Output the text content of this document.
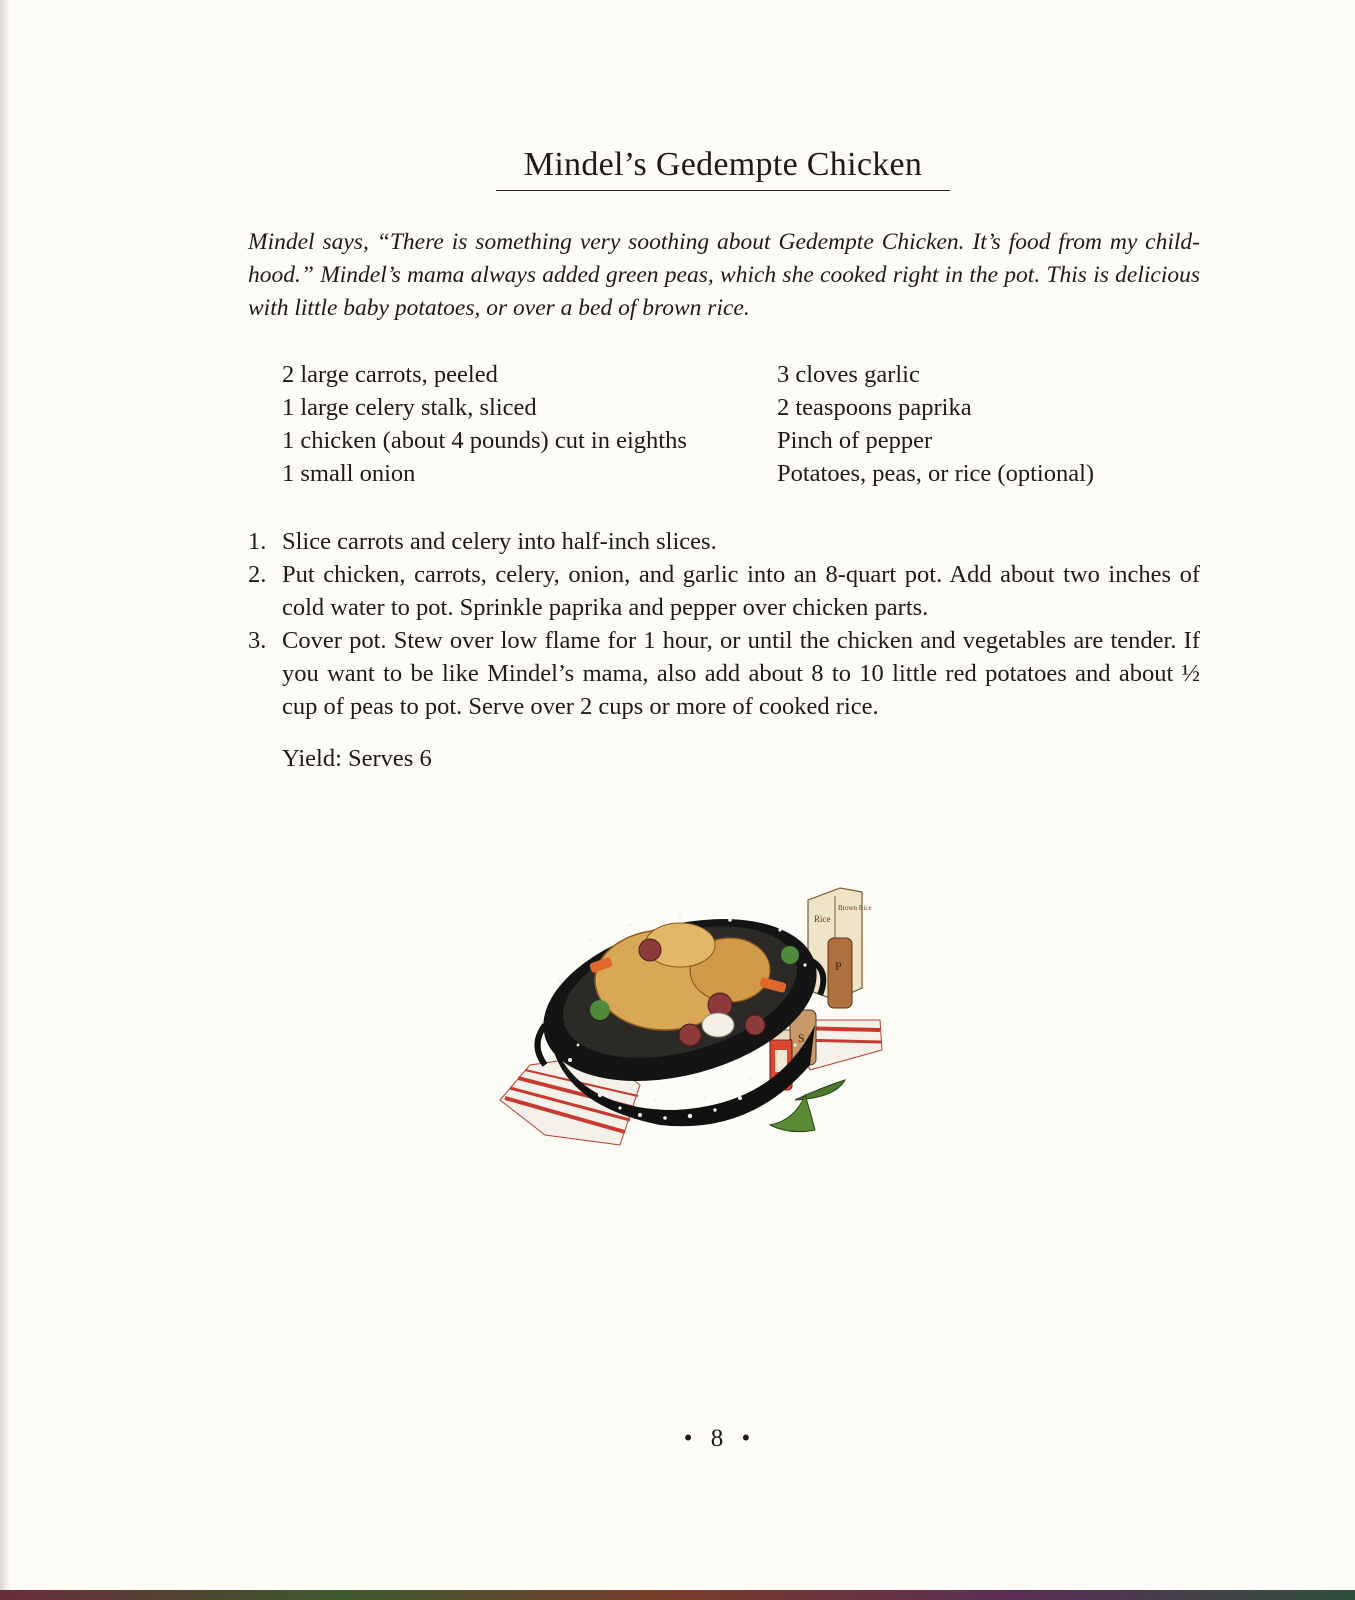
Mindel’s Gedempte Chicken
Mindel says, “There is something very soothing about Gedempte Chicken. It’s food from my childhood.” Mindel’s mama always added green peas, which she cooked right in the pot. This is delicious with little baby potatoes, or over a bed of brown rice.
2 large carrots, peeled
1 large celery stalk, sliced
1 chicken (about 4 pounds) cut in eighths
1 small onion
3 cloves garlic
2 teaspoons paprika
Pinch of pepper
Potatoes, peas, or rice (optional)
1. Slice carrots and celery into half-inch slices.
2. Put chicken, carrots, celery, onion, and garlic into an 8-quart pot. Add about two inches of cold water to pot. Sprinkle paprika and pepper over chicken parts.
3. Cover pot. Stew over low flame for 1 hour, or until the chicken and vegetables are tender. If you want to be like Mindel’s mama, also add about 8 to 10 little red potatoes and about ½ cup of peas to pot. Serve over 2 cups or more of cooked rice.
Yield: Serves 6
Rice
Brown Rice
P
S
• 8 •
